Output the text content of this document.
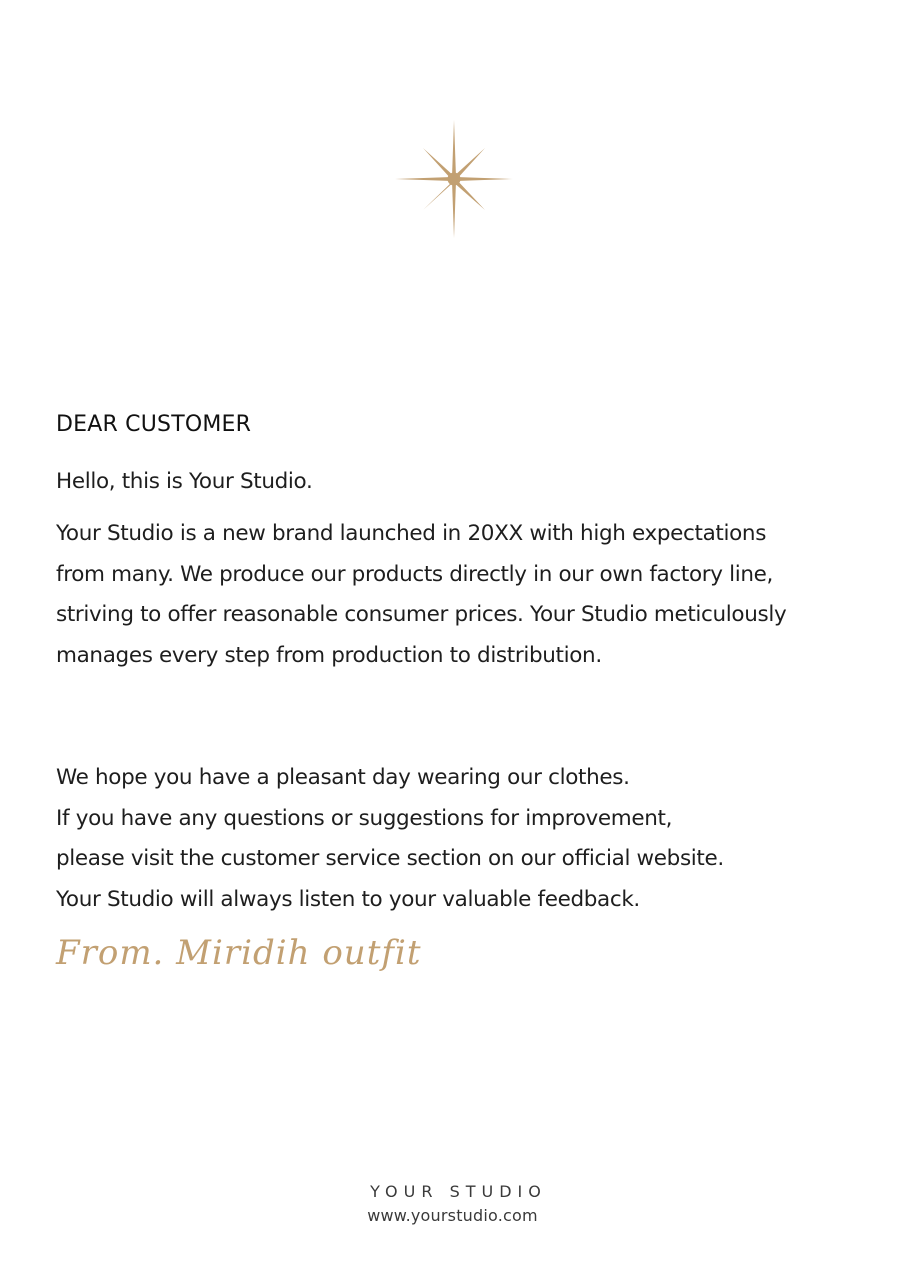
DEAR CUSTOMER
Hello, this is Your Studio.
Your Studio is a new brand launched in 20XX with high expectations
from many. We produce our products directly in our own factory line,
striving to offer reasonable consumer prices. Your Studio meticulously
manages every step from production to distribution.
We hope you have a pleasant day wearing our clothes.
If you have any questions or suggestions for improvement,
please visit the customer service section on our official website.
Your Studio will always listen to your valuable feedback.
From. Miridih outfit
YOUR STUDIO
www.yourstudio.com
